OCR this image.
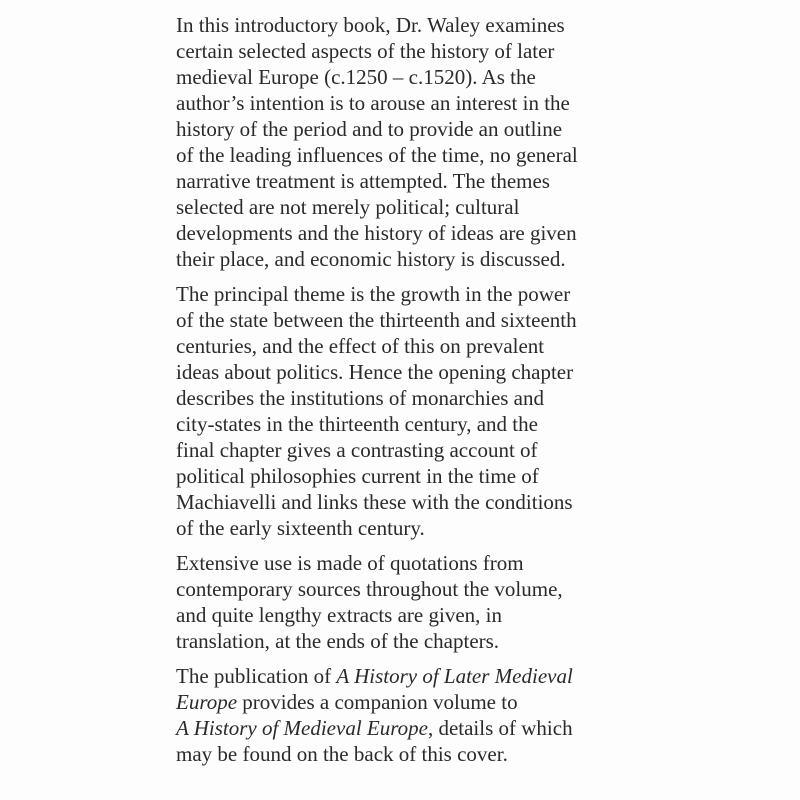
In this introductory book, Dr. Waley examines
certain selected aspects of the history of later
medieval Europe (c.1250 – c.1520). As the
author’s intention is to arouse an interest in the
history of the period and to provide an outline
of the leading influences of the time, no general
narrative treatment is attempted. The themes
selected are not merely political; cultural
developments and the history of ideas are given
their place, and economic history is discussed.

The principal theme is the growth in the power
of the state between the thirteenth and sixteenth
centuries, and the effect of this on prevalent
ideas about politics. Hence the opening chapter
describes the institutions of monarchies and
city-states in the thirteenth century, and the
final chapter gives a contrasting account of
political philosophies current in the time of
Machiavelli and links these with the conditions
of the early sixteenth century.

Extensive use is made of quotations from
contemporary sources throughout the volume,
and quite lengthy extracts are given, in
translation, at the ends of the chapters.

The publication of A History of Later Medieval
Europe provides a companion volume to
A History of Medieval Europe, details of which
may be found on the back of this cover.
